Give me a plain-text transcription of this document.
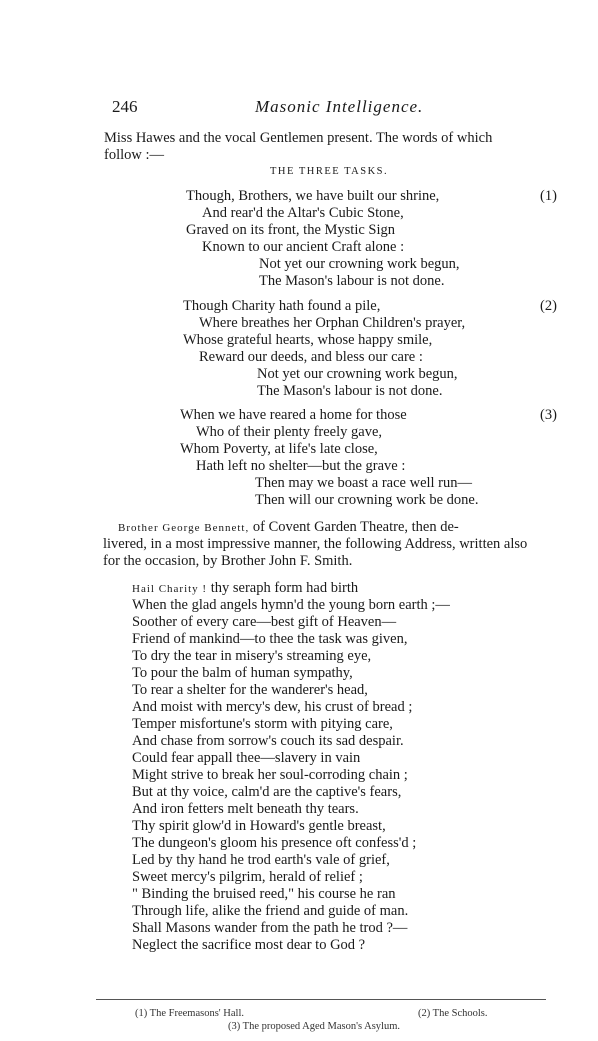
246	Masonic Intelligence.
Miss Hawes and the vocal Gentlemen present. The words of which
follow :—
THE THREE TASKS.
Though, Brothers, we have built our shrine,	(1)
And rear'd the Altar's Cubic Stone,
Graved on its front, the Mystic Sign
Known to our ancient Craft alone :
Not yet our crowning work begun,
The Mason's labour is not done.
Though Charity hath found a pile,	(2)
Where breathes her Orphan Children's prayer,
Whose grateful hearts, whose happy smile,
Reward our deeds, and bless our care :
Not yet our crowning work begun,
The Mason's labour is not done.
When we have reared a home for those	(3)
Who of their plenty freely gave,
Whom Poverty, at life's late close,
Hath left no shelter—but the grave :
Then may we boast a race well run—
Then will our crowning work be done.
Brother George Bennett, of Covent Garden Theatre, then de-
livered, in a most impressive manner, the following Address, written also
for the occasion, by Brother John F. Smith.
Hail Charity ! thy seraph form had birth
When the glad angels hymn'd the young born earth ;—
Soother of every care—best gift of Heaven—
Friend of mankind—to thee the task was given,
To dry the tear in misery's streaming eye,
To pour the balm of human sympathy,
To rear a shelter for the wanderer's head,
And moist with mercy's dew, his crust of bread ;
Temper misfortune's storm with pitying care,
And chase from sorrow's couch its sad despair.
Could fear appall thee—slavery in vain
Might strive to break her soul-corroding chain ;
But at thy voice, calm'd are the captive's fears,
And iron fetters melt beneath thy tears.
Thy spirit glow'd in Howard's gentle breast,
The dungeon's gloom his presence oft confess'd ;
Led by thy hand he trod earth's vale of grief,
Sweet mercy's pilgrim, herald of relief ;
" Binding the bruised reed," his course he ran
Through life, alike the friend and guide of man.
Shall Masons wander from the path he trod ?—
Neglect the sacrifice most dear to God ?
(1) The Freemasons' Hall.	(2) The Schools.
(3) The proposed Aged Mason's Asylum.
